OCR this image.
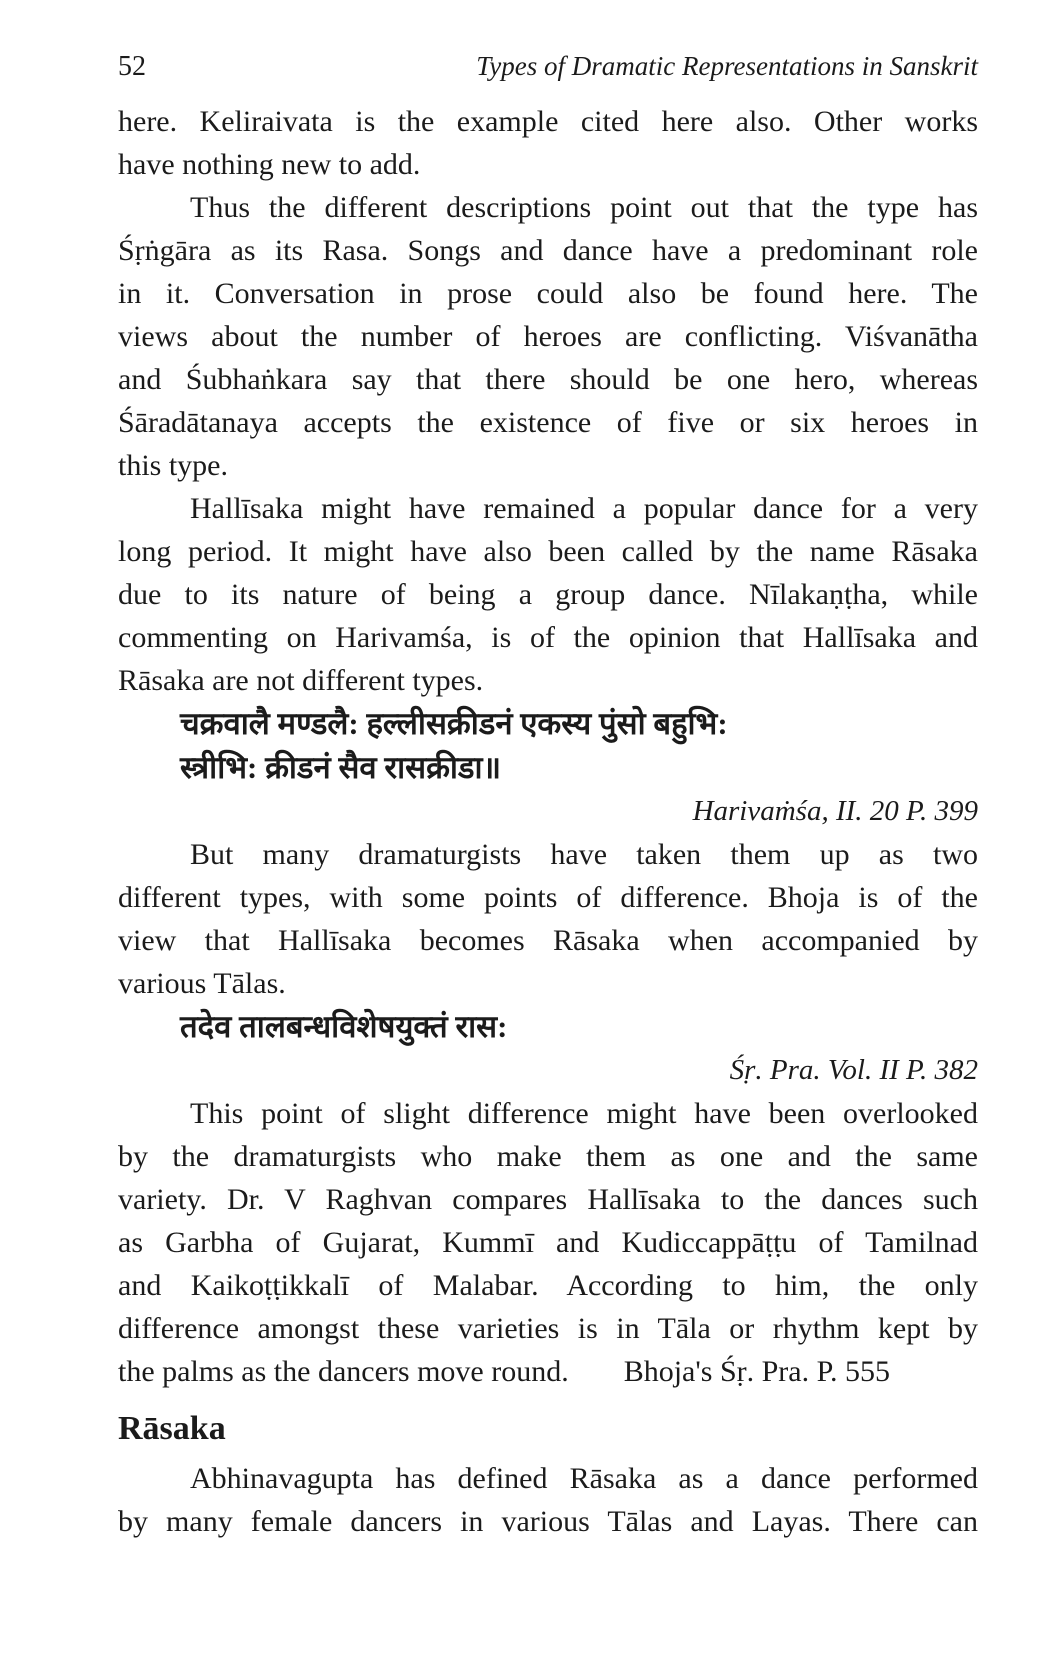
52	Types of Dramatic Representations in Sanskrit
here. Keliraivata is the example cited here also. Other works
have nothing new to add.
Thus the different descriptions point out that the type has
Śṛṅgāra as its Rasa. Songs and dance have a predominant role
in it. Conversation in prose could also be found here. The
views about the number of heroes are conflicting. Viśvanātha
and Śubhaṅkara say that there should be one hero, whereas
Śāradātanaya accepts the existence of five or six heroes in
this type.
Hallīsaka might have remained a popular dance for a very
long period. It might have also been called by the name Rāsaka
due to its nature of being a group dance. Nīlakaṇṭha, while
commenting on Harivamśa, is of the opinion that Hallīsaka and
Rāsaka are not different types.
चक्रवालै मण्डलै: हल्लीसक्रीडनं एकस्य पुंसो बहुभि:
स्त्रीभि: क्रीडनं सैव रासक्रीडा॥
Harivaṁśa, II. 20 P. 399
But many dramaturgists have taken them up as two
different types, with some points of difference. Bhoja is of the
view that Hallīsaka becomes Rāsaka when accompanied by
various Tālas.
तदेव तालबन्धविशेषयुक्तं रास:
Śṛ. Pra. Vol. II P. 382
This point of slight difference might have been overlooked
by the dramaturgists who make them as one and the same
variety. Dr. V Raghvan compares Hallīsaka to the dances such
as Garbha of Gujarat, Kummī and Kudiccappāṭṭu of Tamilnad
and Kaikoṭṭikkalī of Malabar. According to him, the only
difference amongst these varieties is in Tāla or rhythm kept by
the palms as the dancers move round. Bhoja's Śṛ. Pra. P. 555
Rāsaka
Abhinavagupta has defined Rāsaka as a dance performed
by many female dancers in various Tālas and Layas. There can
